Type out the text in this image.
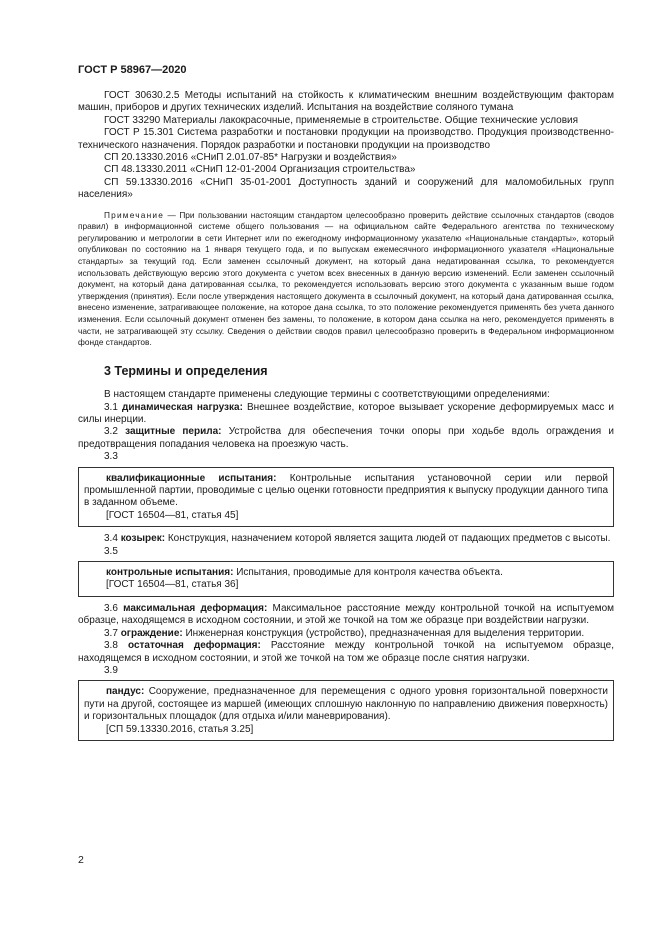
ГОСТ Р 58967—2020

ГОСТ 30630.2.5 Методы испытаний на стойкость к климатическим внешним воздействующим факторам машин, приборов и других технических изделий. Испытания на воздействие соляного тумана

ГОСТ 33290 Материалы лакокрасочные, применяемые в строительстве. Общие технические условия

ГОСТ Р 15.301 Система разработки и постановки продукции на производство. Продукция производственно-технического назначения. Порядок разработки и постановки продукции на производство

СП 20.13330.2016 «СНиП 2.01.07-85* Нагрузки и воздействия»

СП 48.13330.2011 «СНиП 12-01-2004 Организация строительства»

СП 59.13330.2016 «СНиП 35-01-2001 Доступность зданий и сооружений для маломобильных групп населения»

Примечание — При пользовании настоящим стандартом целесообразно проверить действие ссылочных стандартов (сводов правил) в информационной системе общего пользования — на официальном сайте Федерального агентства по техническому регулированию и метрологии в сети Интернет или по ежегодному информационному указателю «Национальные стандарты», который опубликован по состоянию на 1 января текущего года, и по выпускам ежемесячного информационного указателя «Национальные стандарты» за текущий год. Если заменен ссылочный документ, на который дана недатированная ссылка, то рекомендуется использовать действующую версию этого документа с учетом всех внесенных в данную версию изменений. Если заменен ссылочный документ, на который дана датированная ссылка, то рекомендуется использовать версию этого документа с указанным выше годом утверждения (принятия). Если после утверждения настоящего документа в ссылочный документ, на который дана датированная ссылка, внесено изменение, затрагивающее положение, на которое дана ссылка, то это положение рекомендуется применять без учета данного изменения. Если ссылочный документ отменен без замены, то положение, в котором дана ссылка на него, рекомендуется применять в части, не затрагивающей эту ссылку. Сведения о действии сводов правил целесообразно проверить в Федеральном информационном фонде стандартов.

3 Термины и определения

В настоящем стандарте применены следующие термины с соответствующими определениями:

3.1 динамическая нагрузка: Внешнее воздействие, которое вызывает ускорение деформируемых масс и силы инерции.

3.2 защитные перила: Устройства для обеспечения точки опоры при ходьбе вдоль ограждения и предотвращения попадания человека на проезжую часть.

3.3

квалификационные испытания: Контрольные испытания установочной серии или первой промышленной партии, проводимые с целью оценки готовности предприятия к выпуску продукции данного типа в заданном объеме.

[ГОСТ 16504—81, статья 45]

3.4 козырек: Конструкция, назначением которой является защита людей от падающих предметов с высоты.

3.5

контрольные испытания: Испытания, проводимые для контроля качества объекта.

[ГОСТ 16504—81, статья 36]

3.6 максимальная деформация: Максимальное расстояние между контрольной точкой на испытуемом образце, находящемся в исходном состоянии, и этой же точкой на том же образце при воздействии нагрузки.

3.7 ограждение: Инженерная конструкция (устройство), предназначенная для выделения территории.

3.8 остаточная деформация: Расстояние между контрольной точкой на испытуемом образце, находящемся в исходном состоянии, и этой же точкой на том же образце после снятия нагрузки.

3.9

пандус: Сооружение, предназначенное для перемещения с одного уровня горизонтальной поверхности пути на другой, состоящее из маршей (имеющих сплошную наклонную по направлению движения поверхность) и горизонтальных площадок (для отдыха и/или маневрирования).

[СП 59.13330.2016, статья 3.25]

2
